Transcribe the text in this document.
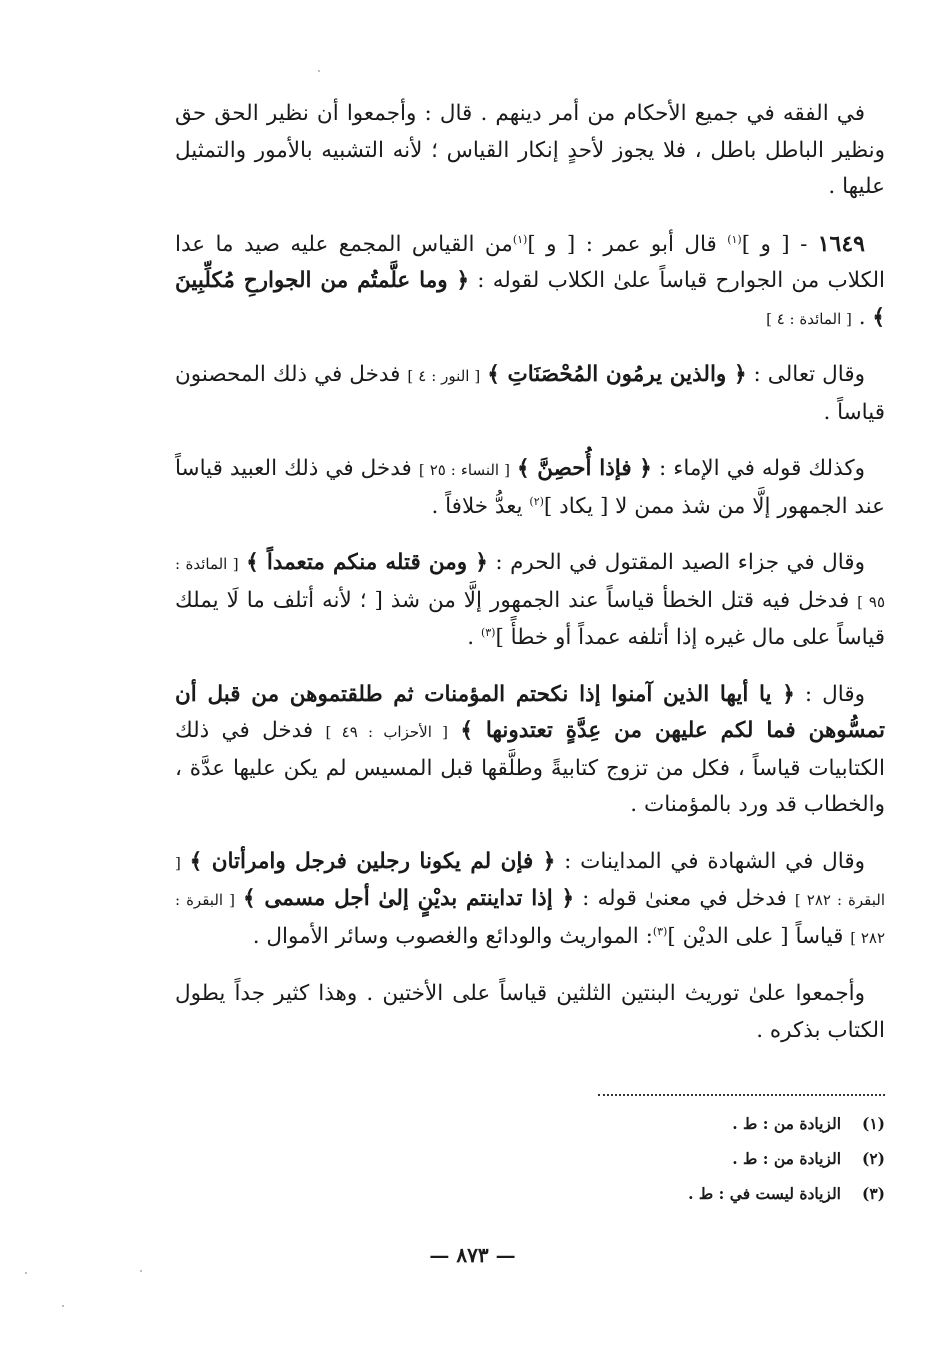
في الفقه في جميع الأحكام من أمر دينهم . قال : وأجمعوا أن نظير الحق حق ونظير الباطل باطل ، فلا يجوز لأحدٍ إنكار القياس ؛ لأنه التشبيه بالأمور والتمثيل عليها .

١٦٤٩ - [ و ]$^{(١)}$ قال أبو عمر : [ و ]$^{(١)}$من القياس المجمع عليه صيد ما عدا الكلاب من الجوارح قياساً علىٰ الكلاب لقوله : ﴿ وما علَّمتُم من الجوارحِ مُكلِّبِينَ ﴾ . [ المائدة : ٤ ]

وقال تعالى : ﴿ والذين يرمُون المُحْصَنَاتِ ﴾ [ النور : ٤ ] فدخل في ذلك المحصنون قياساً .

وكذلك قوله في الإماء : ﴿ فإذا أُحصِنَّ ﴾ [ النساء : ٢٥ ] فدخل في ذلك العبيد قياساً عند الجمهور إلَّا من شذ ممن لا [ يكاد ]$^{(٢)}$ يعدُّ خلافاً .

وقال في جزاء الصيد المقتول في الحرم : ﴿ ومن قتله منكم متعمداً ﴾ [ المائدة : ٩٥ ] فدخل فيه قتل الخطأ قياساً عند الجمهور إلَّا من شذ [ ؛ لأنه أتلف ما لَا يملك قياساً على مال غيره إذا أتلفه عمداً أو خطأً ]$^{(٣)}$ .

وقال : ﴿ يا أيها الذين آمنوا إذا نكحتم المؤمنات ثم طلقتموهن من قبل أن تمسُّوهن فما لكم عليهن من عِدَّةٍ تعتدونها ﴾ [ الأحزاب : ٤٩ ] فدخل في ذلك الكتابيات قياساً ، فكل من تزوج كتابيةً وطلَّقها قبل المسيس لم يكن عليها عدَّة ، والخطاب قد ورد بالمؤمنات .

وقال في الشهادة في المداينات : ﴿ فإن لم يكونا رجلين فرجل وامرأتان ﴾ [ البقرة : ٢٨٢ ] فدخل في معنىٰ قوله : ﴿ إذا تداينتم بديْنٍ إلىٰ أجل مسمى ﴾ [ البقرة : ٢٨٢ ] قياساً [ على الديْن ]$^{(٣)}$: المواريث والودائع والغصوب وسائر الأموال .

وأجمعوا علىٰ توريث البنتين الثلثين قياساً على الأختين . وهذا كثير جداً يطول الكتاب بذكره .

(١)الزيادة من : ط .
(٢)الزيادة من : ط .
(٣)الزيادة ليست في : ط .
— ٨٧٣ —
